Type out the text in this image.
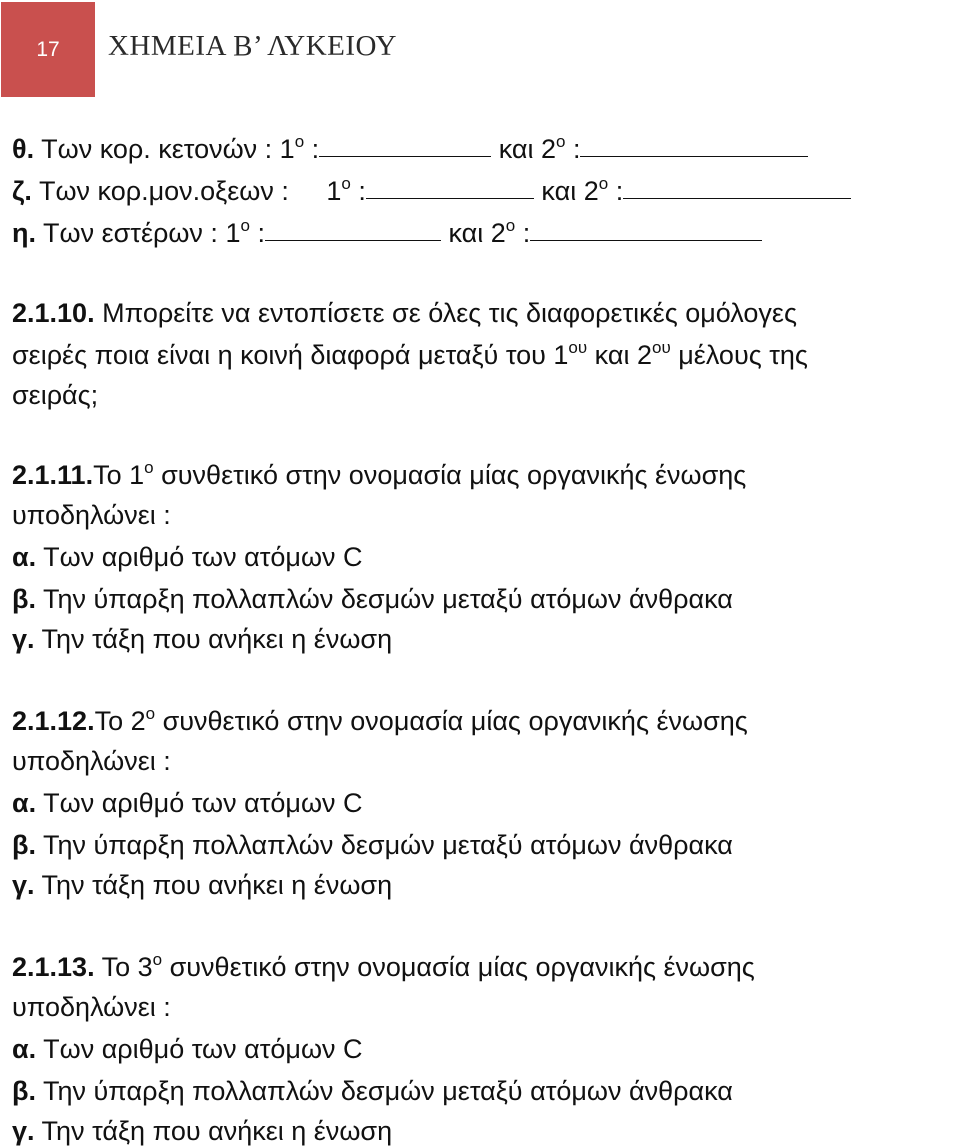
17 ΧΗΜΕΙΑ Β’ ΛΥΚΕΙΟΥ
θ. Των κορ. κετονών : $1^o$ :	και $2^o$ :
ζ. Των κορ.μον.οξεων :     $1^o$ :	και $2^o$ :
η. Των εστέρων : $1^o$ :	και $2^o$ :
2.1.10. Μπορείτε να εντοπίσετε σε όλες τις διαφορετικές ομόλογες
σειρές ποια είναι η κοινή διαφορά μεταξύ του $1^{o\upsilon}$ και $2^{o\upsilon}$ μέλους της
σειράς;
2.1.11.Το $1^o$ συνθετικό στην ονομασία μίας οργανικής ένωσης
υποδηλώνει :
α. Των αριθμό των ατόμων C
β. Την ύπαρξη πολλαπλών δεσμών μεταξύ ατόμων άνθρακα
γ. Την τάξη που ανήκει η ένωση
2.1.12.Το $2^o$ συνθετικό στην ονομασία μίας οργανικής ένωσης
υποδηλώνει :
α. Των αριθμό των ατόμων C
β. Την ύπαρξη πολλαπλών δεσμών μεταξύ ατόμων άνθρακα
γ. Την τάξη που ανήκει η ένωση
2.1.13. Το $3^o$ συνθετικό στην ονομασία μίας οργανικής ένωσης
υποδηλώνει :
α. Των αριθμό των ατόμων C
β. Την ύπαρξη πολλαπλών δεσμών μεταξύ ατόμων άνθρακα
γ. Την τάξη που ανήκει η ένωση
